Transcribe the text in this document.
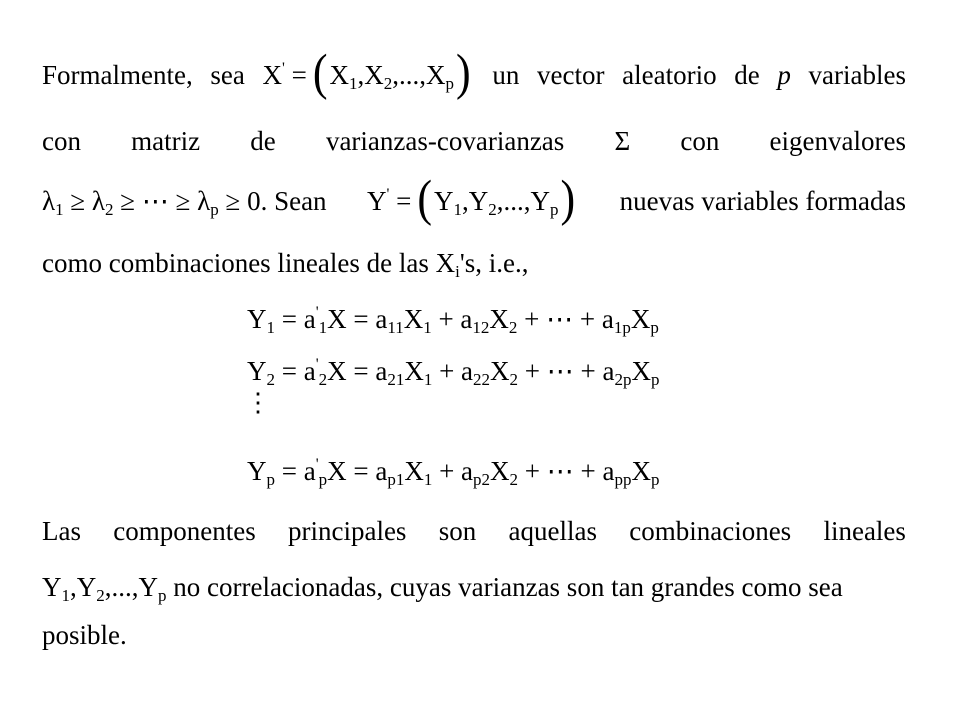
Formalmente, sea $X' = (X_1,X_2,...,X_p)$ un vector aleatorio de p variables
con matriz de varianzas-covarianzas Σ con eigenvalores
$\lambda_1 \ge \lambda_2$ ≥ ⋯ ≥ $\lambda_p \ge 0$. Sean $Y' = (Y_1,Y_2,...,Y_p)$ nuevas variables formadas
como combinaciones lineales de las $X_i's$, i.e.,
$Y_1 = a'_1X = a_{11}X_1 + a_{12}X_2$ + ⋯ + $a_{1p}X_p$
$Y_2 = a'_2X = a_{21}X_1 + a_{22}X_2$ + ⋯ + $a_{2p}X_p$
⋮
$Y_p = a'_pX = a_{p1}X_1 + a_{p2}X_2$ + ⋯ + $a_{pp}X_p$
Las componentes principales son aquellas combinaciones lineales
$Y_1,Y_2,...,Y_p$ no correlacionadas, cuyas varianzas son tan grandes como sea
posible.
